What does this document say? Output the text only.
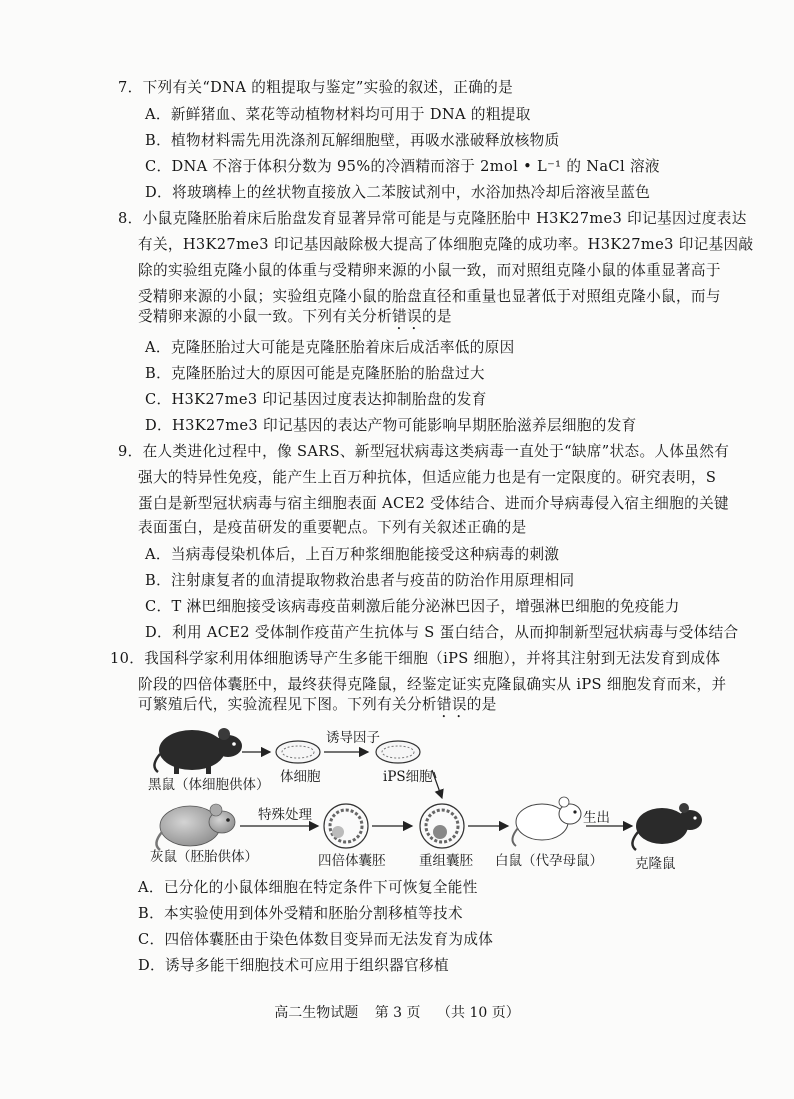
7．下列有关“DNA 的粗提取与鉴定”实验的叙述，正确的是
A．新鲜猪血、菜花等动植物材料均可用于 DNA 的粗提取
B．植物材料需先用洗涤剂瓦解细胞壁，再吸水涨破释放核物质
C．DNA 不溶于体积分数为 95%的冷酒精而溶于 2mol • L⁻¹ 的 NaCl 溶液
D．将玻璃棒上的丝状物直接放入二苯胺试剂中，水浴加热冷却后溶液呈蓝色
8．小鼠克隆胚胎着床后胎盘发育显著异常可能是与克隆胚胎中 H3K27me3 印记基因过度表达
有关，H3K27me3 印记基因敲除极大提高了体细胞克隆的成功率。H3K27me3 印记基因敲
除的实验组克隆小鼠的体重与受精卵来源的小鼠一致，而对照组克隆小鼠的体重显著高于
受精卵来源的小鼠；实验组克隆小鼠的胎盘直径和重量也显著低于对照组克隆小鼠，而与
受精卵来源的小鼠一致。下列有关分析错误的是
A．克隆胚胎过大可能是克隆胚胎着床后成活率低的原因
B．克隆胚胎过大的原因可能是克隆胚胎的胎盘过大
C．H3K27me3 印记基因过度表达抑制胎盘的发育
D．H3K27me3 印记基因的表达产物可能影响早期胚胎滋养层细胞的发育
9．在人类进化过程中，像 SARS、新型冠状病毒这类病毒一直处于“缺席”状态。人体虽然有
强大的特异性免疫，能产生上百万种抗体，但适应能力也是有一定限度的。研究表明，S
蛋白是新型冠状病毒与宿主细胞表面 ACE2 受体结合、进而介导病毒侵入宿主细胞的关键
表面蛋白，是疫苗研发的重要靶点。下列有关叙述正确的是
A．当病毒侵染机体后，上百万种浆细胞能接受这种病毒的刺激
B．注射康复者的血清提取物救治患者与疫苗的防治作用原理相同
C．T 淋巴细胞接受该病毒疫苗刺激后能分泌淋巴因子，增强淋巴细胞的免疫能力
D．利用 ACE2 受体制作疫苗产生抗体与 S 蛋白结合，从而抑制新型冠状病毒与受体结合
10．我国科学家利用体细胞诱导产生多能干细胞（iPS 细胞），并将其注射到无法发育到成体
阶段的四倍体囊胚中，最终获得克隆鼠，经鉴定证实克隆鼠确实从 iPS 细胞发育而来，并
可繁殖后代，实验流程见下图。下列有关分析错误的是
诱导因子
体细胞	iPS细胞
黑鼠（体细胞供体）
特殊处理	生出
灰鼠（胚胎供体）	四倍体囊胚 重组囊胚 白鼠（代孕母鼠） 克隆鼠
A．已分化的小鼠体细胞在特定条件下可恢复全能性
B．本实验使用到体外受精和胚胎分割移植等技术
C．四倍体囊胚由于染色体数目变异而无法发育为成体
D．诱导多能干细胞技术可应用于组织器官移植
高二生物试题 第 3 页 （共 10 页）
